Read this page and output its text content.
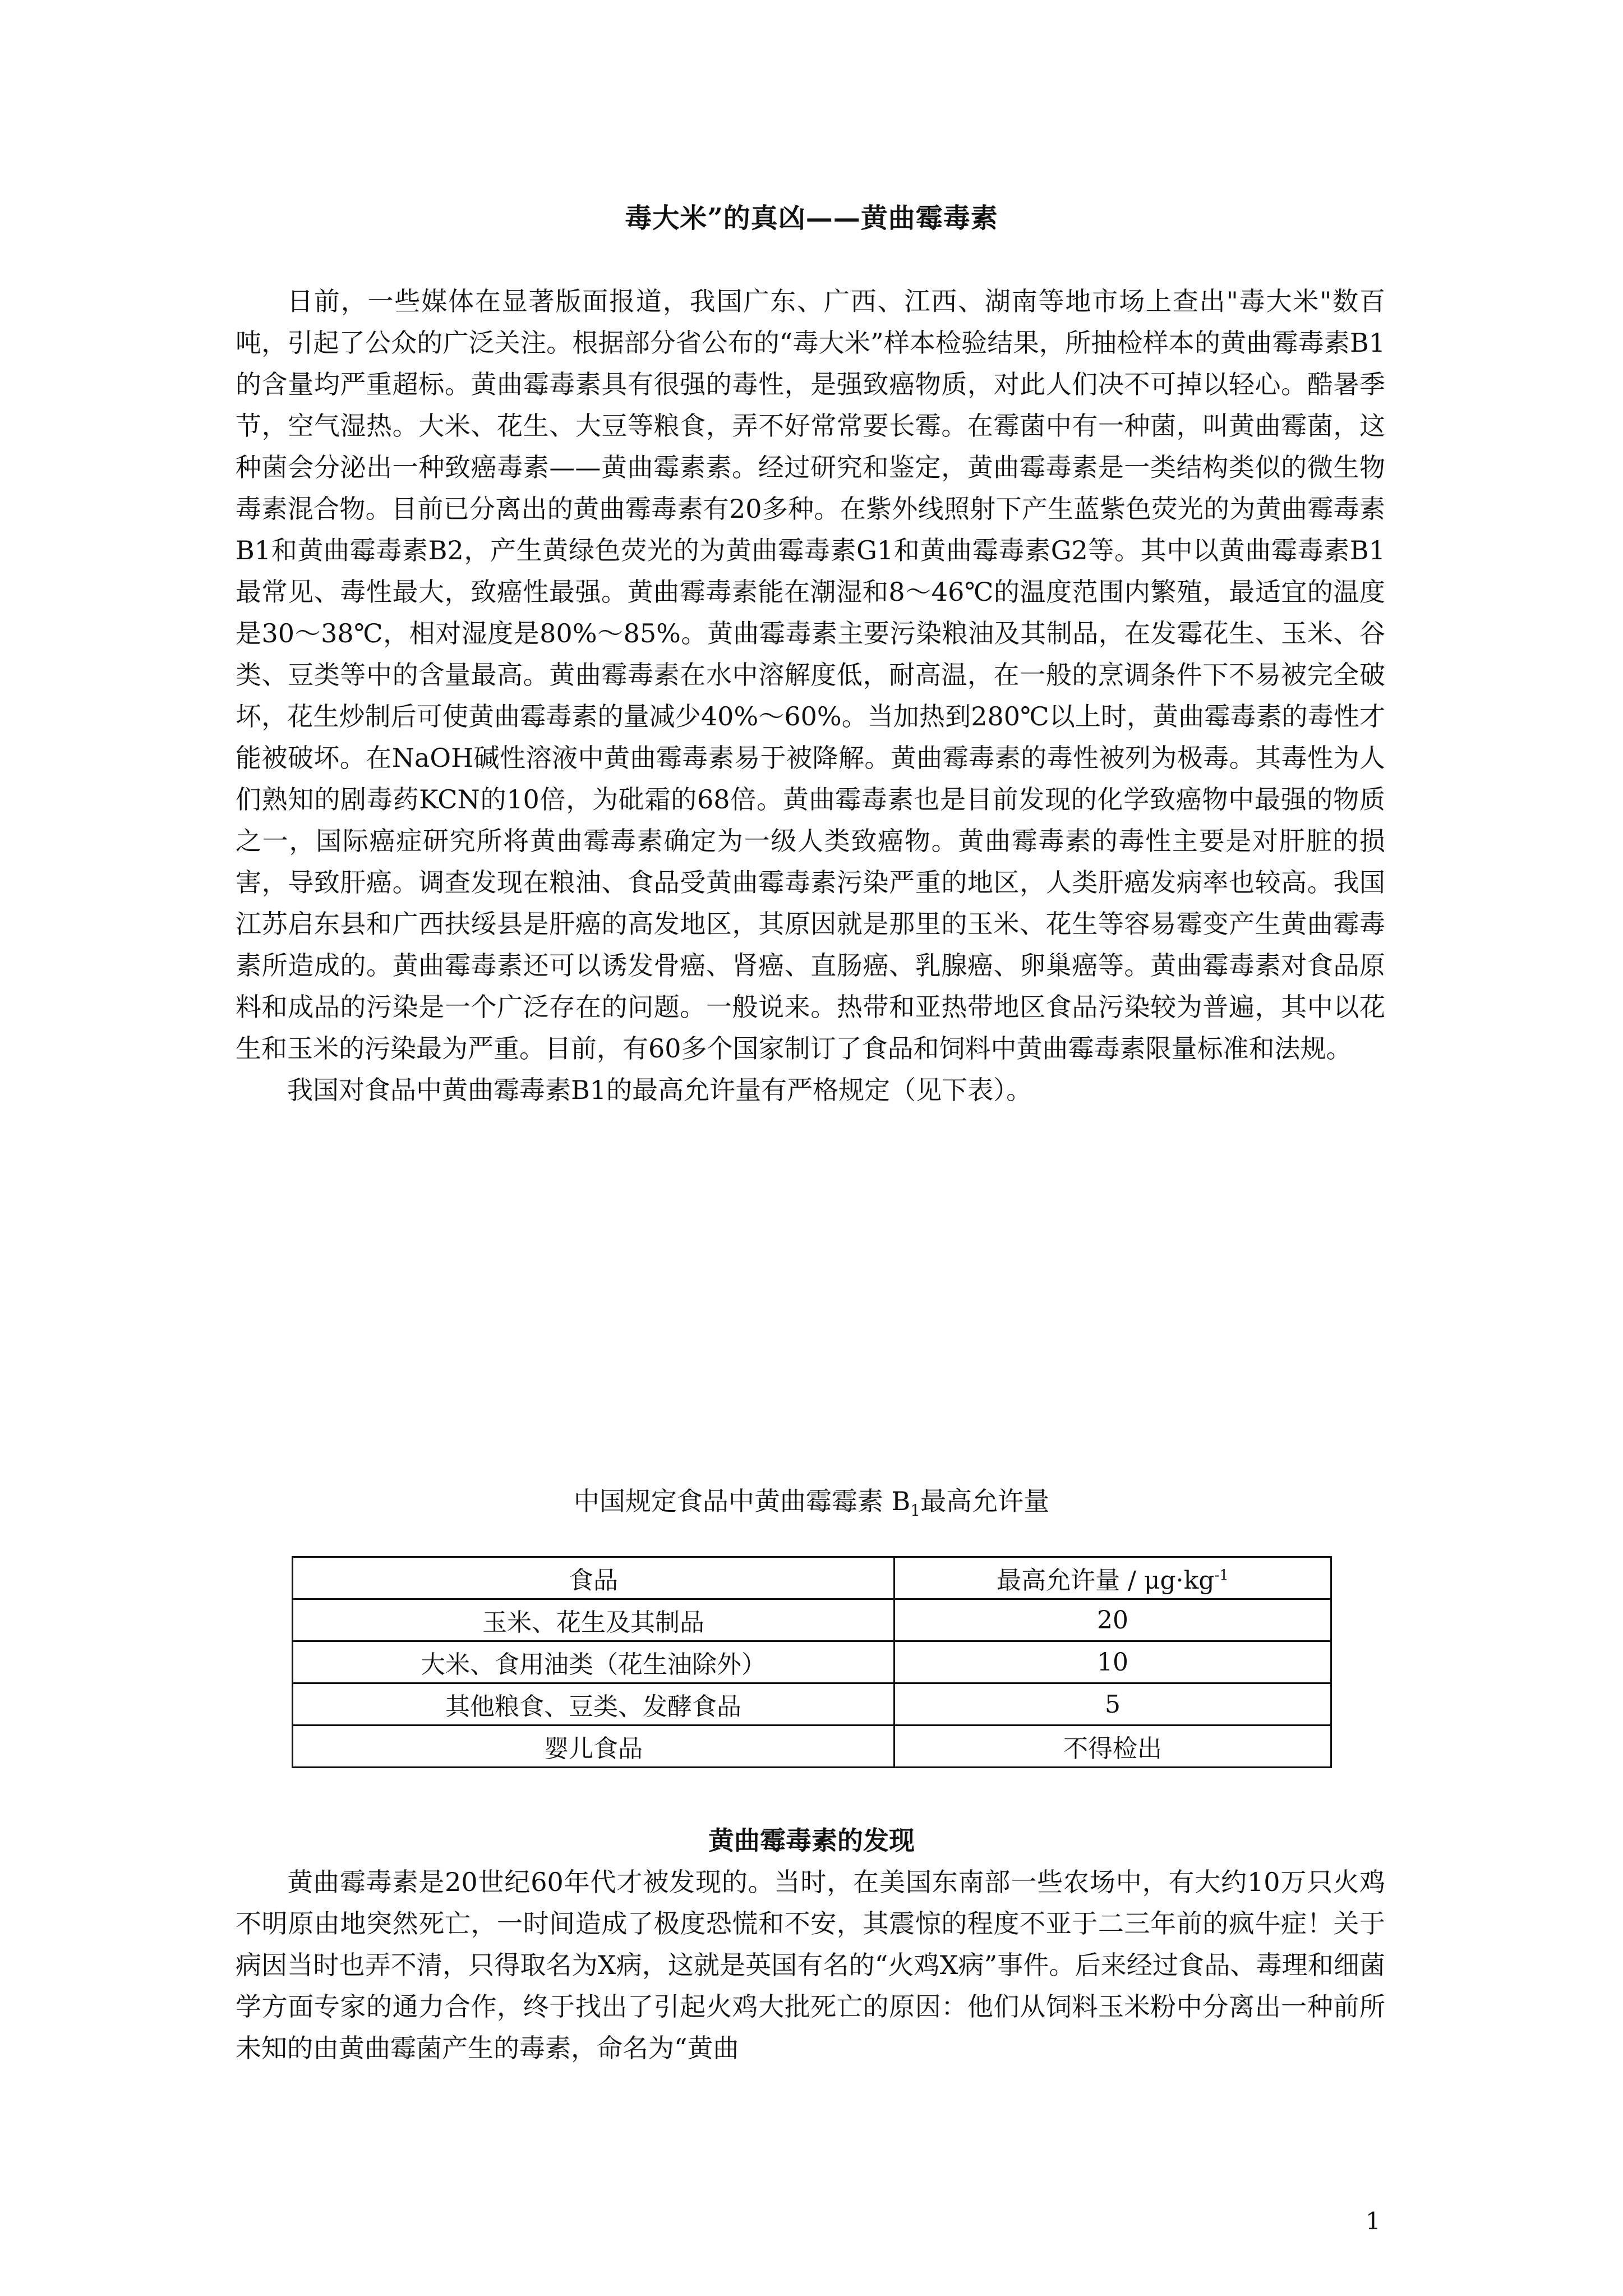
毒大米”的真凶——黄曲霉毒素

日前，一些媒体在显著版面报道，我国广东、广西、江西、湖南等地市场上查出"毒大米"数百吨，引起了公众的广泛关注。根据部分省公布的“毒大米”样本检验结果，所抽检样本的黄曲霉毒素B1的含量均严重超标。黄曲霉毒素具有很强的毒性，是强致癌物质，对此人们决不可掉以轻心。酷暑季节，空气湿热。大米、花生、大豆等粮食，弄不好常常要长霉。在霉菌中有一种菌，叫黄曲霉菌，这种菌会分泌出一种致癌毒素——黄曲霉素素。经过研究和鉴定，黄曲霉毒素是一类结构类似的微生物毒素混合物。目前已分离出的黄曲霉毒素有20多种。在紫外线照射下产生蓝紫色荧光的为黄曲霉毒素B1和黄曲霉毒素B2，产生黄绿色荧光的为黄曲霉毒素G1和黄曲霉毒素G2等。其中以黄曲霉毒素B1最常见、毒性最大，致癌性最强。黄曲霉毒素能在潮湿和8～46℃的温度范围内繁殖，最适宜的温度是30～38℃，相对湿度是80%～85%。黄曲霉毒素主要污染粮油及其制品，在发霉花生、玉米、谷类、豆类等中的含量最高。黄曲霉毒素在水中溶解度低，耐高温，在一般的烹调条件下不易被完全破坏，花生炒制后可使黄曲霉毒素的量减少40%～60%。当加热到280℃以上时，黄曲霉毒素的毒性才能被破坏。在NaOH碱性溶液中黄曲霉毒素易于被降解。黄曲霉毒素的毒性被列为极毒。其毒性为人们熟知的剧毒药KCN的10倍，为砒霜的68倍。黄曲霉毒素也是目前发现的化学致癌物中最强的物质之一，国际癌症研究所将黄曲霉毒素确定为一级人类致癌物。黄曲霉毒素的毒性主要是对肝脏的损害，导致肝癌。调查发现在粮油、食品受黄曲霉毒素污染严重的地区，人类肝癌发病率也较高。我国江苏启东县和广西扶绥县是肝癌的高发地区，其原因就是那里的玉米、花生等容易霉变产生黄曲霉毒素所造成的。黄曲霉毒素还可以诱发骨癌、肾癌、直肠癌、乳腺癌、卵巢癌等。黄曲霉毒素对食品原料和成品的污染是一个广泛存在的问题。一般说来。热带和亚热带地区食品污染较为普遍，其中以花生和玉米的污染最为严重。目前，有60多个国家制订了食品和饲料中黄曲霉毒素限量标准和法规。

我国对食品中黄曲霉毒素B1的最高允许量有严格规定（见下表）。

中国规定食品中黄曲霉霉素 $B_1$最高允许量
食品	最高允许量 / $\mu g\cdot kg^{-1}$
玉米、花生及其制品	20
大米、食用油类（花生油除外）	10
其他粮食、豆类、发酵食品	5
婴儿食品	不得检出
黄曲霉毒素的发现

黄曲霉毒素是20世纪60年代才被发现的。当时，在美国东南部一些农场中，有大约10万只火鸡不明原由地突然死亡，一时间造成了极度恐慌和不安，其震惊的程度不亚于二三年前的疯牛症！关于病因当时也弄不清，只得取名为X病，这就是英国有名的“火鸡X病”事件。后来经过食品、毒理和细菌学方面专家的通力合作，终于找出了引起火鸡大批死亡的原因：他们从饲料玉米粉中分离出一种前所未知的由黄曲霉菌产生的毒素，命名为“黄曲

1
